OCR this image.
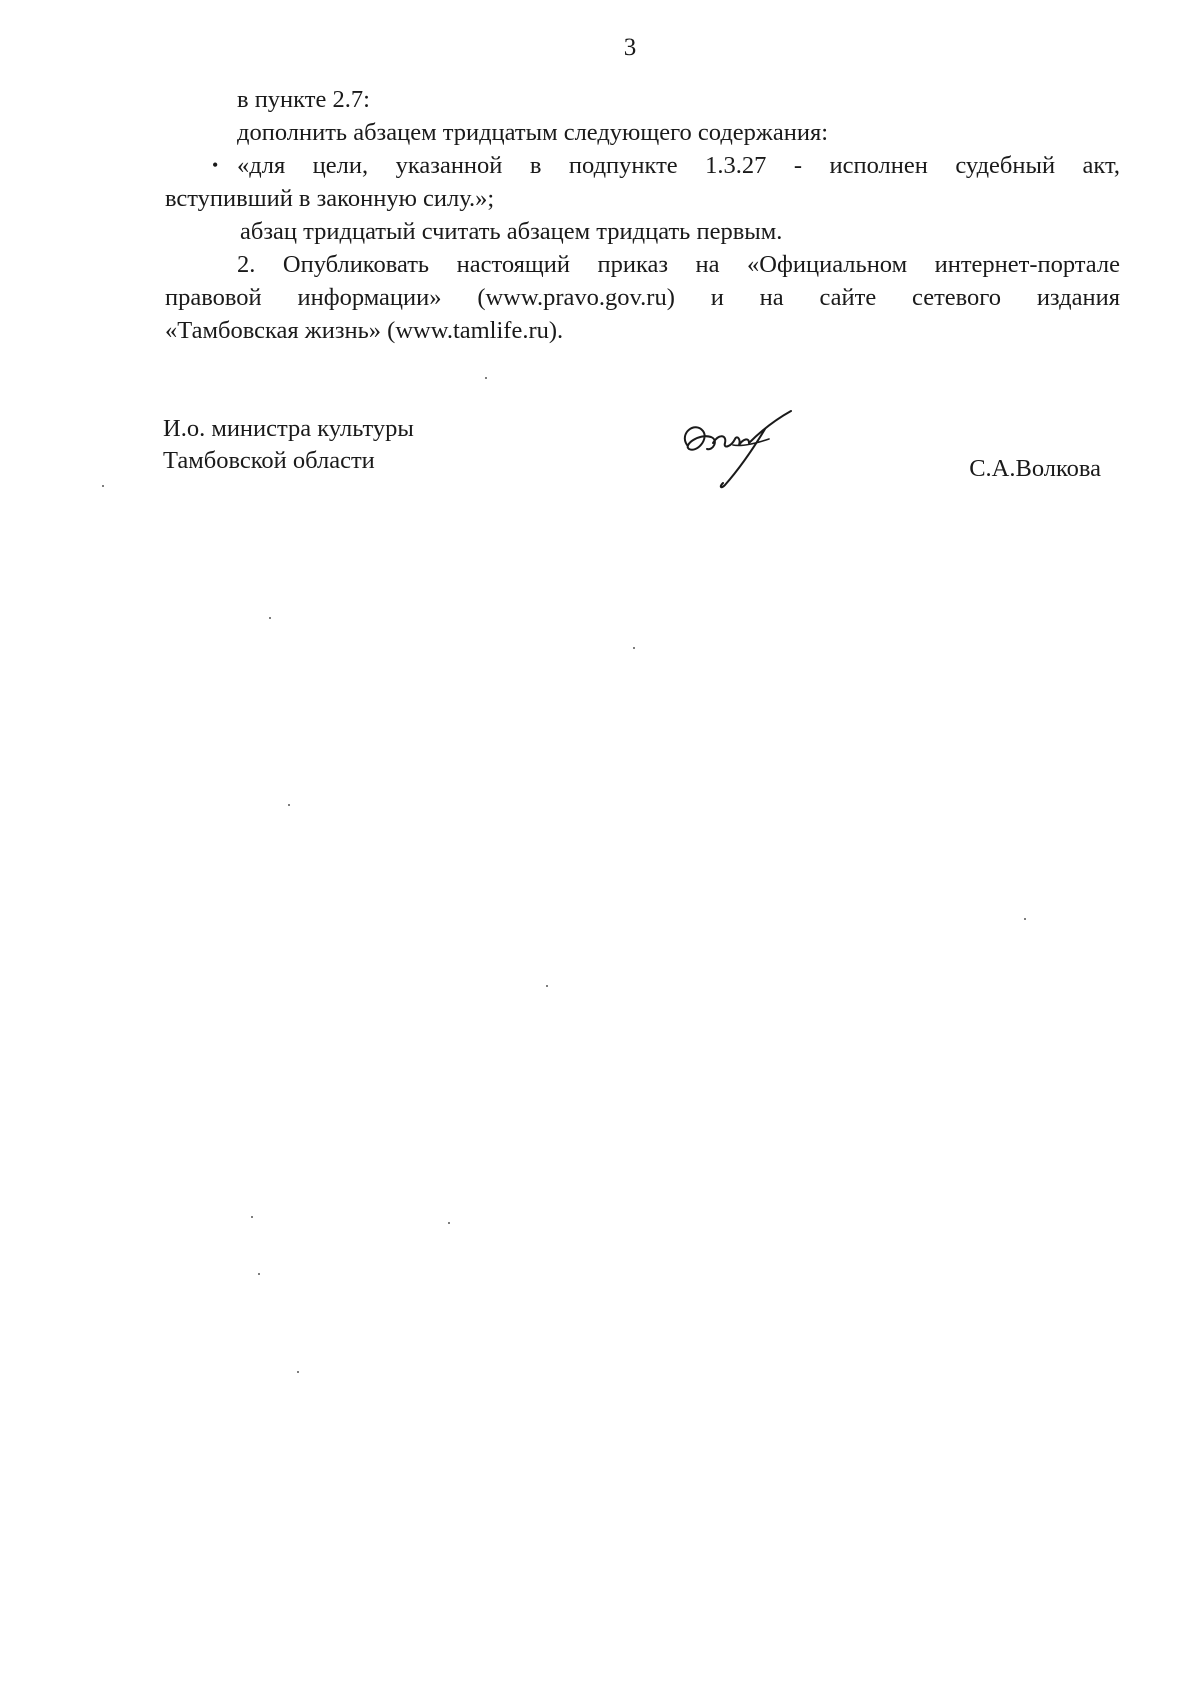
3
в пункте 2.7:
дополнить абзацем тридцатым следующего содержания:
• «для цели, указанной в подпункте 1.3.27 - исполнен судебный акт,
вступивший в законную силу.»;
абзац тридцатый считать абзацем тридцать первым.
2. Опубликовать настоящий приказ на «Официальном интернет-портале
правовой информации» (www.pravo.gov.ru) и на сайте сетевого издания
«Тамбовская жизнь» (www.tamlife.ru).
И.о. министра культуры
Тамбовской области	С.А.Волкова
